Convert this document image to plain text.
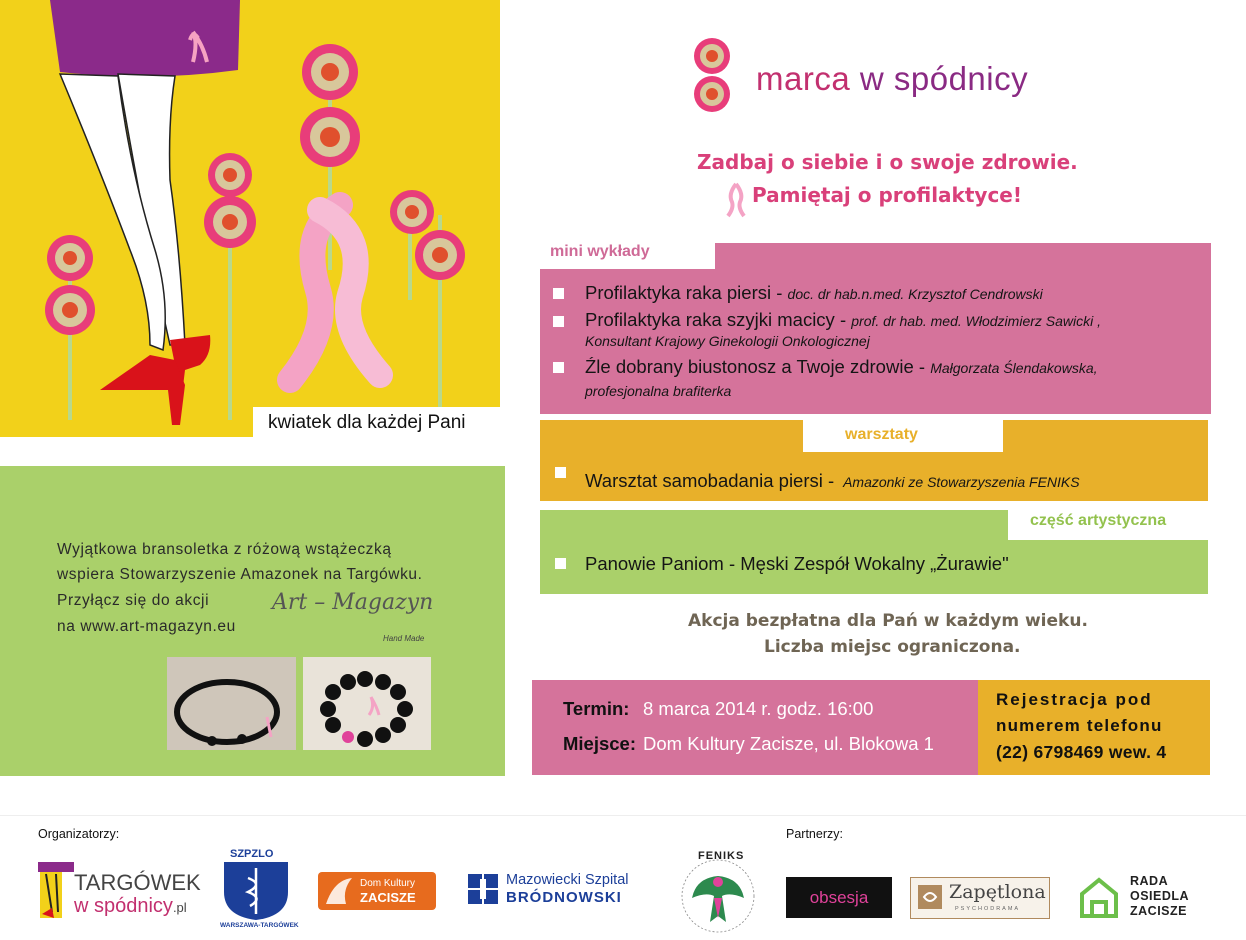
kwiatek dla każdej Pani
Wyjątkowa bransoletka z różową wstążeczką
wspiera Stowarzyszenie Amazonek na Targówku.
Przyłącz się do akcji
na www.art-magazyn.eu
Art – Magazyn
Hand Made
marca w spódnicy
Zadbaj o siebie i o swoje zdrowie.
Pamiętaj o profilaktyce!
mini wykłady
Profilaktyka raka piersi - doc. dr hab.n.med. Krzysztof Cendrowski
Profilaktyka raka szyjki macicy - prof. dr hab. med. Włodzimierz Sawicki ,
Konsultant Krajowy Ginekologii Onkologicznej
Źle dobrany biustonosz a Twoje zdrowie - Małgorzata Ślendakowska,
profesjonalna brafiterka
warsztaty
Warsztat samobadania piersi - Amazonki ze Stowarzyszenia FENIKS
część artystyczna
Panowie Paniom - Męski Zespół Wokalny „Żurawie"
Akcja bezpłatna dla Pań w każdym wieku.
Liczba miejsc ograniczona.
Termin: 8 marca 2014 r. godz. 16:00
Miejsce: Dom Kultury Zacisze, ul. Blokowa 1
Rejestracja pod
numerem telefonu
(22) 6798469 wew. 4
Organizatorzy:	Partnerzy:
TARGÓWEK
w spódnicy.pl
SZPZLO
WARSZAWA-TARGÓWEK
Dom Kultury
ZACISZE
Mazowiecki Szpital
BRÓDNOWSKI
FENIKS
obsesja	Zapętlona
PSYCHODRAMA
RADA
OSIEDLA
ZACISZE
